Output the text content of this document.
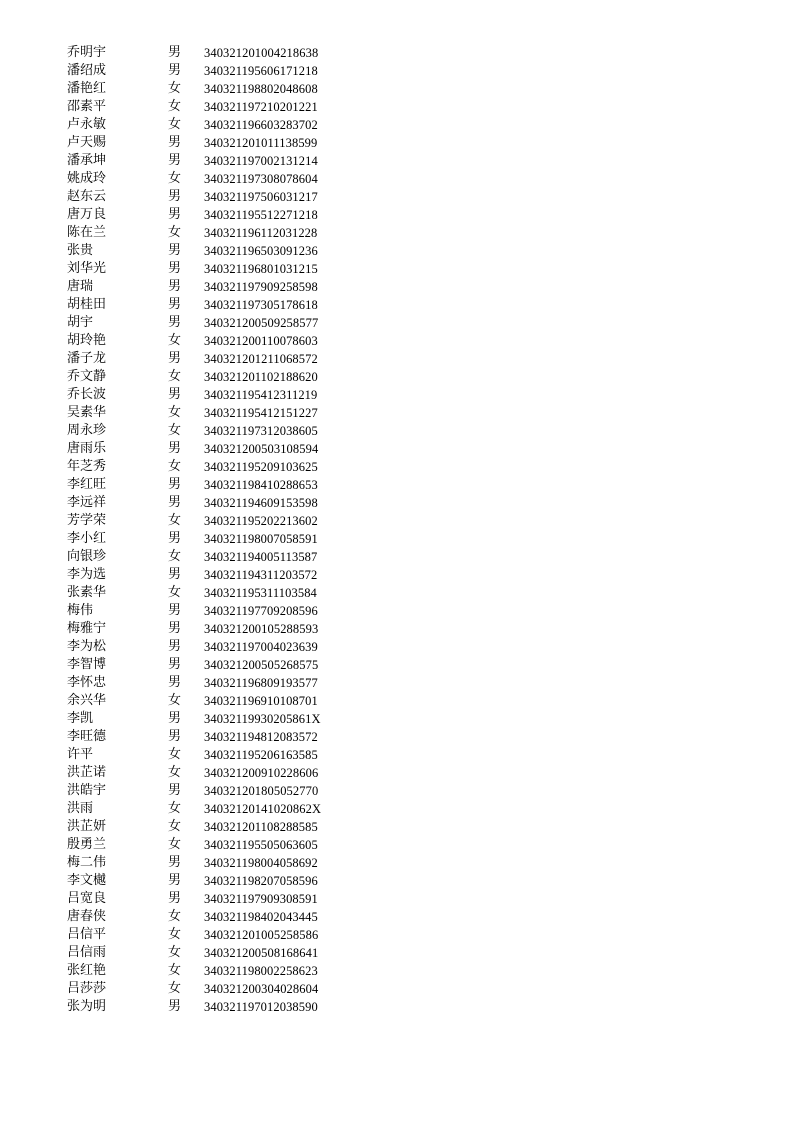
乔明宇	男 340321201004218638
潘绍成	男 340321195606171218
潘艳红	女 340321198802048608
邵素平	女 340321197210201221
卢永敏	女 340321196603283702
卢天赐	男 340321201011138599
潘承坤	男 340321197002131214
姚成玲	女 340321197308078604
赵东云	男 340321197506031217
唐万良	男 340321195512271218
陈在兰	女 340321196112031228
张贵	男 340321196503091236
刘华光	男 340321196801031215
唐瑞	男 340321197909258598
胡桂田	男 340321197305178618
胡宇	男 340321200509258577
胡玲艳	女 340321200110078603
潘子龙	男 340321201211068572
乔文静	女 340321201102188620
乔长波	男 340321195412311219
吴素华	女 340321195412151227
周永珍	女 340321197312038605
唐雨乐	男 340321200503108594
年芝秀	女 340321195209103625
李红旺	男 340321198410288653
李远祥	男 340321194609153598
芳学荣	女 340321195202213602
李小红	男 340321198007058591
向银珍	女 340321194005113587
李为选	男 340321194311203572
张素华	女 340321195311103584
梅伟	男 340321197709208596
梅雅宁	男 340321200105288593
李为松	男 340321197004023639
李智博	男 340321200505268575
李怀忠	男 340321196809193577
余兴华	女 340321196910108701
李凯	男 34032119930205861X
李旺德	男 340321194812083572
许平	女 340321195206163585
洪芷诺	女 340321200910228606
洪皓宇	男 340321201805052770
洪雨	女 34032120141020862X
洪芷妍	女 340321201108288585
殷勇兰	女 340321195505063605
梅二伟	男 340321198004058692
李文樾	男 340321198207058596
吕宽良	男 340321197909308591
唐春侠	女 340321198402043445
吕信平	女 340321201005258586
吕信雨	女 340321200508168641
张红艳	女 340321198002258623
吕莎莎	女 340321200304028604
张为明	男 340321197012038590
